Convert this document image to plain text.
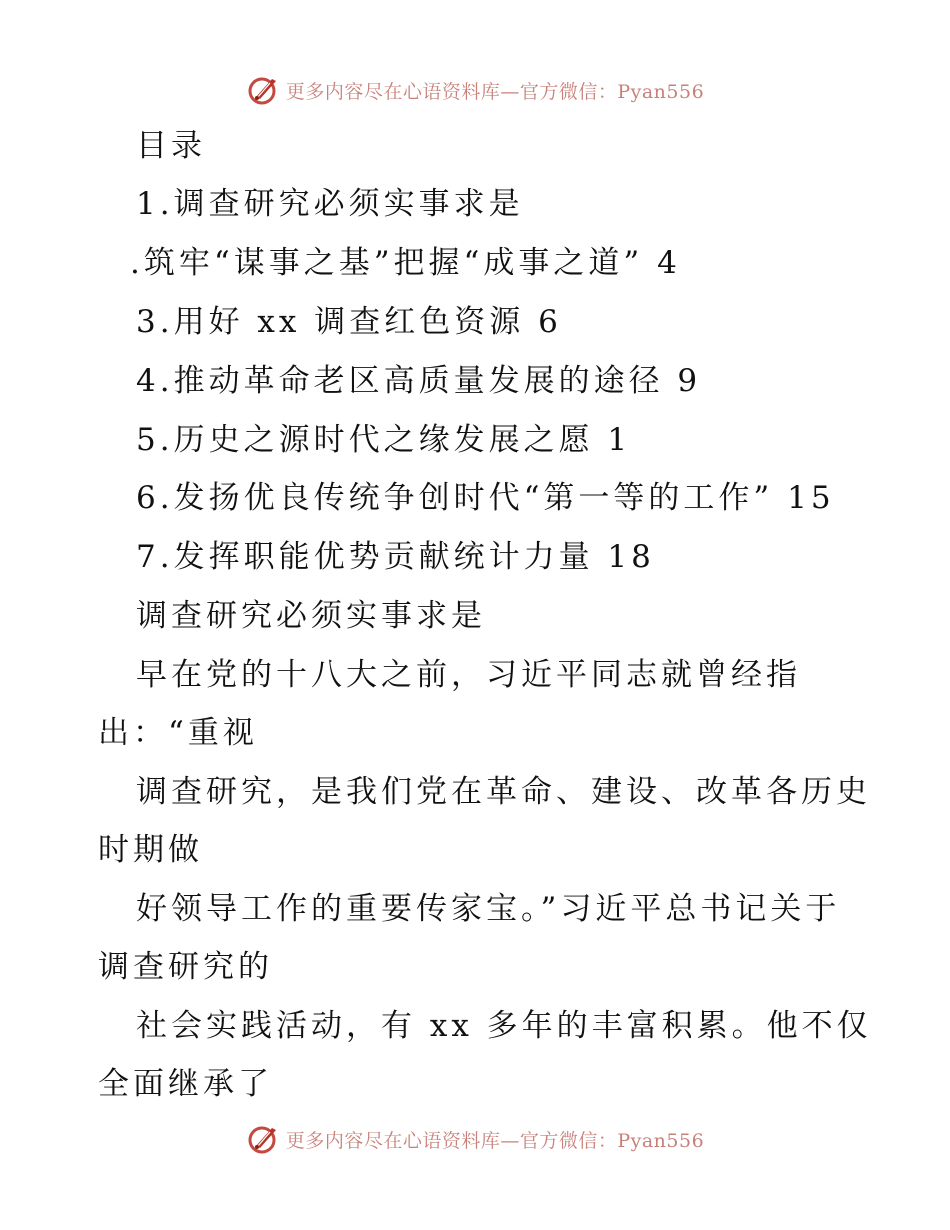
更多内容尽在心语资料库—官方微信：Pyan556
目录
1.调查研究必须实事求是
.筑牢“谋事之基”把握“成事之道” 4
3.用好 xx 调查红色资源 6
4.推动革命老区高质量发展的途径 9
5.历史之源时代之缘发展之愿 1
6.发扬优良传统争创时代“第一等的工作” 15
7.发挥职能优势贡献统计力量 18
调查研究必须实事求是
早在党的十八大之前，习近平同志就曾经指
出：“重视
调查研究，是我们党在革命、建设、改革各历史
时期做
好领导工作的重要传家宝。”习近平总书记关于
调查研究的
社会实践活动，有 xx 多年的丰富积累。他不仅
全面继承了
更多内容尽在心语资料库—官方微信：Pyan556
